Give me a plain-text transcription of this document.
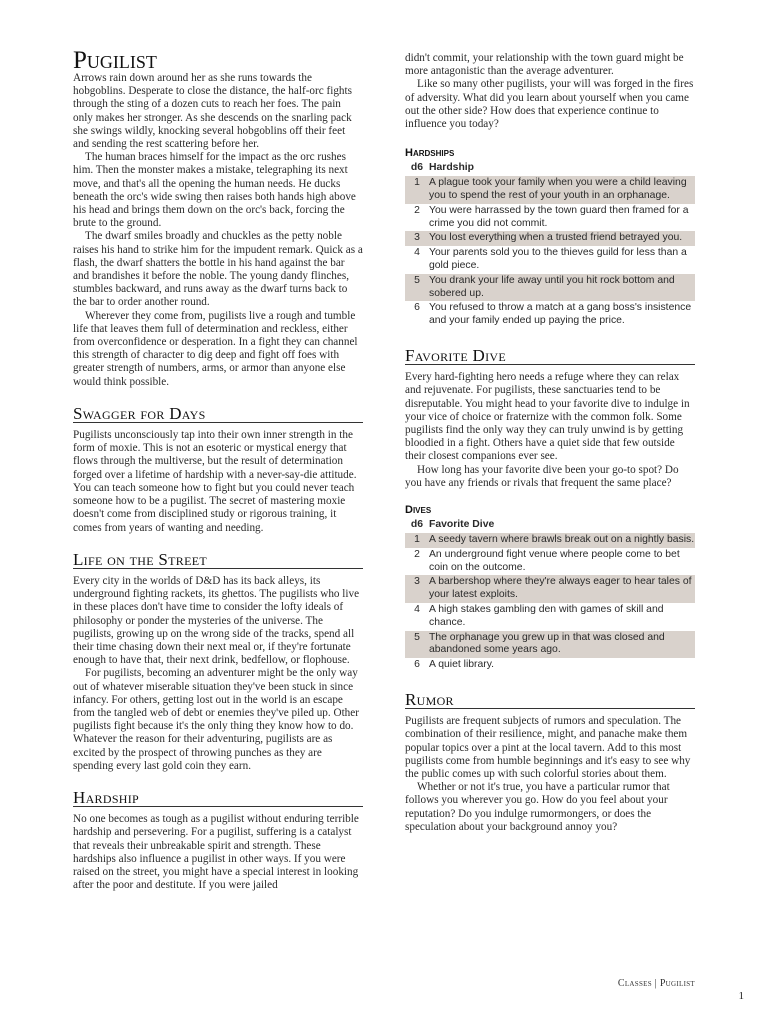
Pugilist

Arrows rain down around her as she runs towards the hobgoblins. Desperate to close the distance, the half-orc fights through the sting of a dozen cuts to reach her foes. The pain only makes her stronger. As she descends on the snarling pack she swings wildly, knocking several hobgoblins off their feet and sending the rest scattering before her.

The human braces himself for the impact as the orc rushes him. Then the monster makes a mistake, telegraphing its next move, and that's all the opening the human needs. He ducks beneath the orc's wide swing then raises both hands high above his head and brings them down on the orc's back, forcing the brute to the ground.

The dwarf smiles broadly and chuckles as the petty noble raises his hand to strike him for the impudent remark. Quick as a flash, the dwarf shatters the bottle in his hand against the bar and brandishes it before the noble. The young dandy flinches, stumbles backward, and runs away as the dwarf turns back to the bar to order another round.

Wherever they come from, pugilists live a rough and tumble life that leaves them full of determination and reckless, either from overconfidence or desperation. In a fight they can channel this strength of character to dig deep and fight off foes with greater strength of numbers, arms, or armor than anyone else would think possible.

Swagger for Days

Pugilists unconsciously tap into their own inner strength in the form of moxie. This is not an esoteric or mystical energy that flows through the multiverse, but the result of determination forged over a lifetime of hardship with a never-say-die attitude. You can teach someone how to fight but you could never teach someone how to be a pugilist. The secret of mastering moxie doesn't come from disciplined study or rigorous training, it comes from years of wanting and needing.

Life on the Street

Every city in the worlds of D&D has its back alleys, its underground fighting rackets, its ghettos. The pugilists who live in these places don't have time to consider the lofty ideals of philosophy or ponder the mysteries of the universe. The pugilists, growing up on the wrong side of the tracks, spend all their time chasing down their next meal or, if they're fortunate enough to have that, their next drink, bedfellow, or flophouse.

For pugilists, becoming an adventurer might be the only way out of whatever miserable situation they've been stuck in since infancy. For others, getting lost out in the world is an escape from the tangled web of debt or enemies they've piled up. Other pugilists fight because it's the only thing they know how to do. Whatever the reason for their adventuring, pugilists are as excited by the prospect of throwing punches as they are spending every last gold coin they earn.

Hardship

No one becomes as tough as a pugilist without enduring terrible hardship and persevering. For a pugilist, suffering is a catalyst that reveals their unbreakable spirit and strength. These hardships also influence a pugilist in other ways. If you were raised on the street, you might have a special interest in looking after the poor and destitute. If you were jailed

didn't commit, your relationship with the town guard might be more antagonistic than the average adventurer.

Like so many other pugilists, your will was forged in the fires of adversity. What did you learn about yourself when you came out the other side? How does that experience continue to influence you today?

Hardships
d6	Hardship
1	A plague took your family when you were a child leaving you to spend the rest of your youth in an orphanage.
2	You were harrassed by the town guard then framed for a crime you did not commit.
3	You lost everything when a trusted friend betrayed you.
4	Your parents sold you to the thieves guild for less than a gold piece.
5	You drank your life away until you hit rock bottom and sobered up.
6	You refused to throw a match at a gang boss's insistence and your family ended up paying the price.
Favorite Dive

Every hard-fighting hero needs a refuge where they can relax and rejuvenate. For pugilists, these sanctuaries tend to be disreputable. You might head to your favorite dive to indulge in your vice of choice or fraternize with the common folk. Some pugilists find the only way they can truly unwind is by getting bloodied in a fight. Others have a quiet side that few outside their closest companions ever see.

How long has your favorite dive been your go-to spot? Do you have any friends or rivals that frequent the same place?

Dives
d6	Favorite Dive
1	A seedy tavern where brawls break out on a nightly basis.
2	An underground fight venue where people come to bet coin on the outcome.
3	A barbershop where they're always eager to hear tales of your latest exploits.
4	A high stakes gambling den with games of skill and chance.
5	The orphanage you grew up in that was closed and abandoned some years ago.
6	A quiet library.
Rumor

Pugilists are frequent subjects of rumors and speculation. The combination of their resilience, might, and panache make them popular topics over a pint at the local tavern. Add to this most pugilists come from humble beginnings and it's easy to see why the public comes up with such colorful stories about them.

Whether or not it's true, you have a particular rumor that follows you wherever you go. How do you feel about your reputation? Do you indulge rumormongers, or does the speculation about your background annoy you?

Classes | Pugilist
1
